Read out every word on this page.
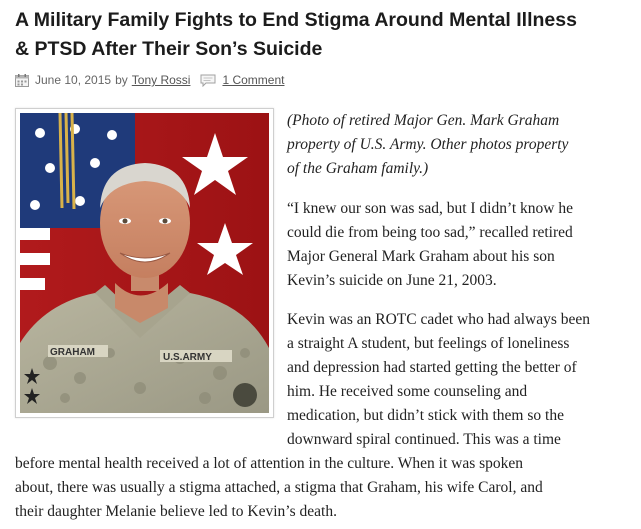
A Military Family Fights to End Stigma Around Mental Illness
& PTSD After Their Son’s Suicide
June 10, 2015 by Tony Rossi	1 Comment
GRAHAM	U.S.ARMY

(Photo of retired Major Gen. Mark Graham
property of U.S. Army. Other photos property
of the Graham family.)

“I knew our son was sad, but I didn’t know he
could die from being too sad,” recalled retired
Major General Mark Graham about his son
Kevin’s suicide on June 21, 2003.

Kevin was an ROTC cadet who had always been
a straight A student, but feelings of loneliness
and depression had started getting the better of
him. He received some counseling and
medication, but didn’t stick with them so the
downward spiral continued. This was a time

before mental health received a lot of attention in the culture. When it was spoken
about, there was usually a stigma attached, a stigma that Graham, his wife Carol, and
their daughter Melanie believe led to Kevin’s death.
